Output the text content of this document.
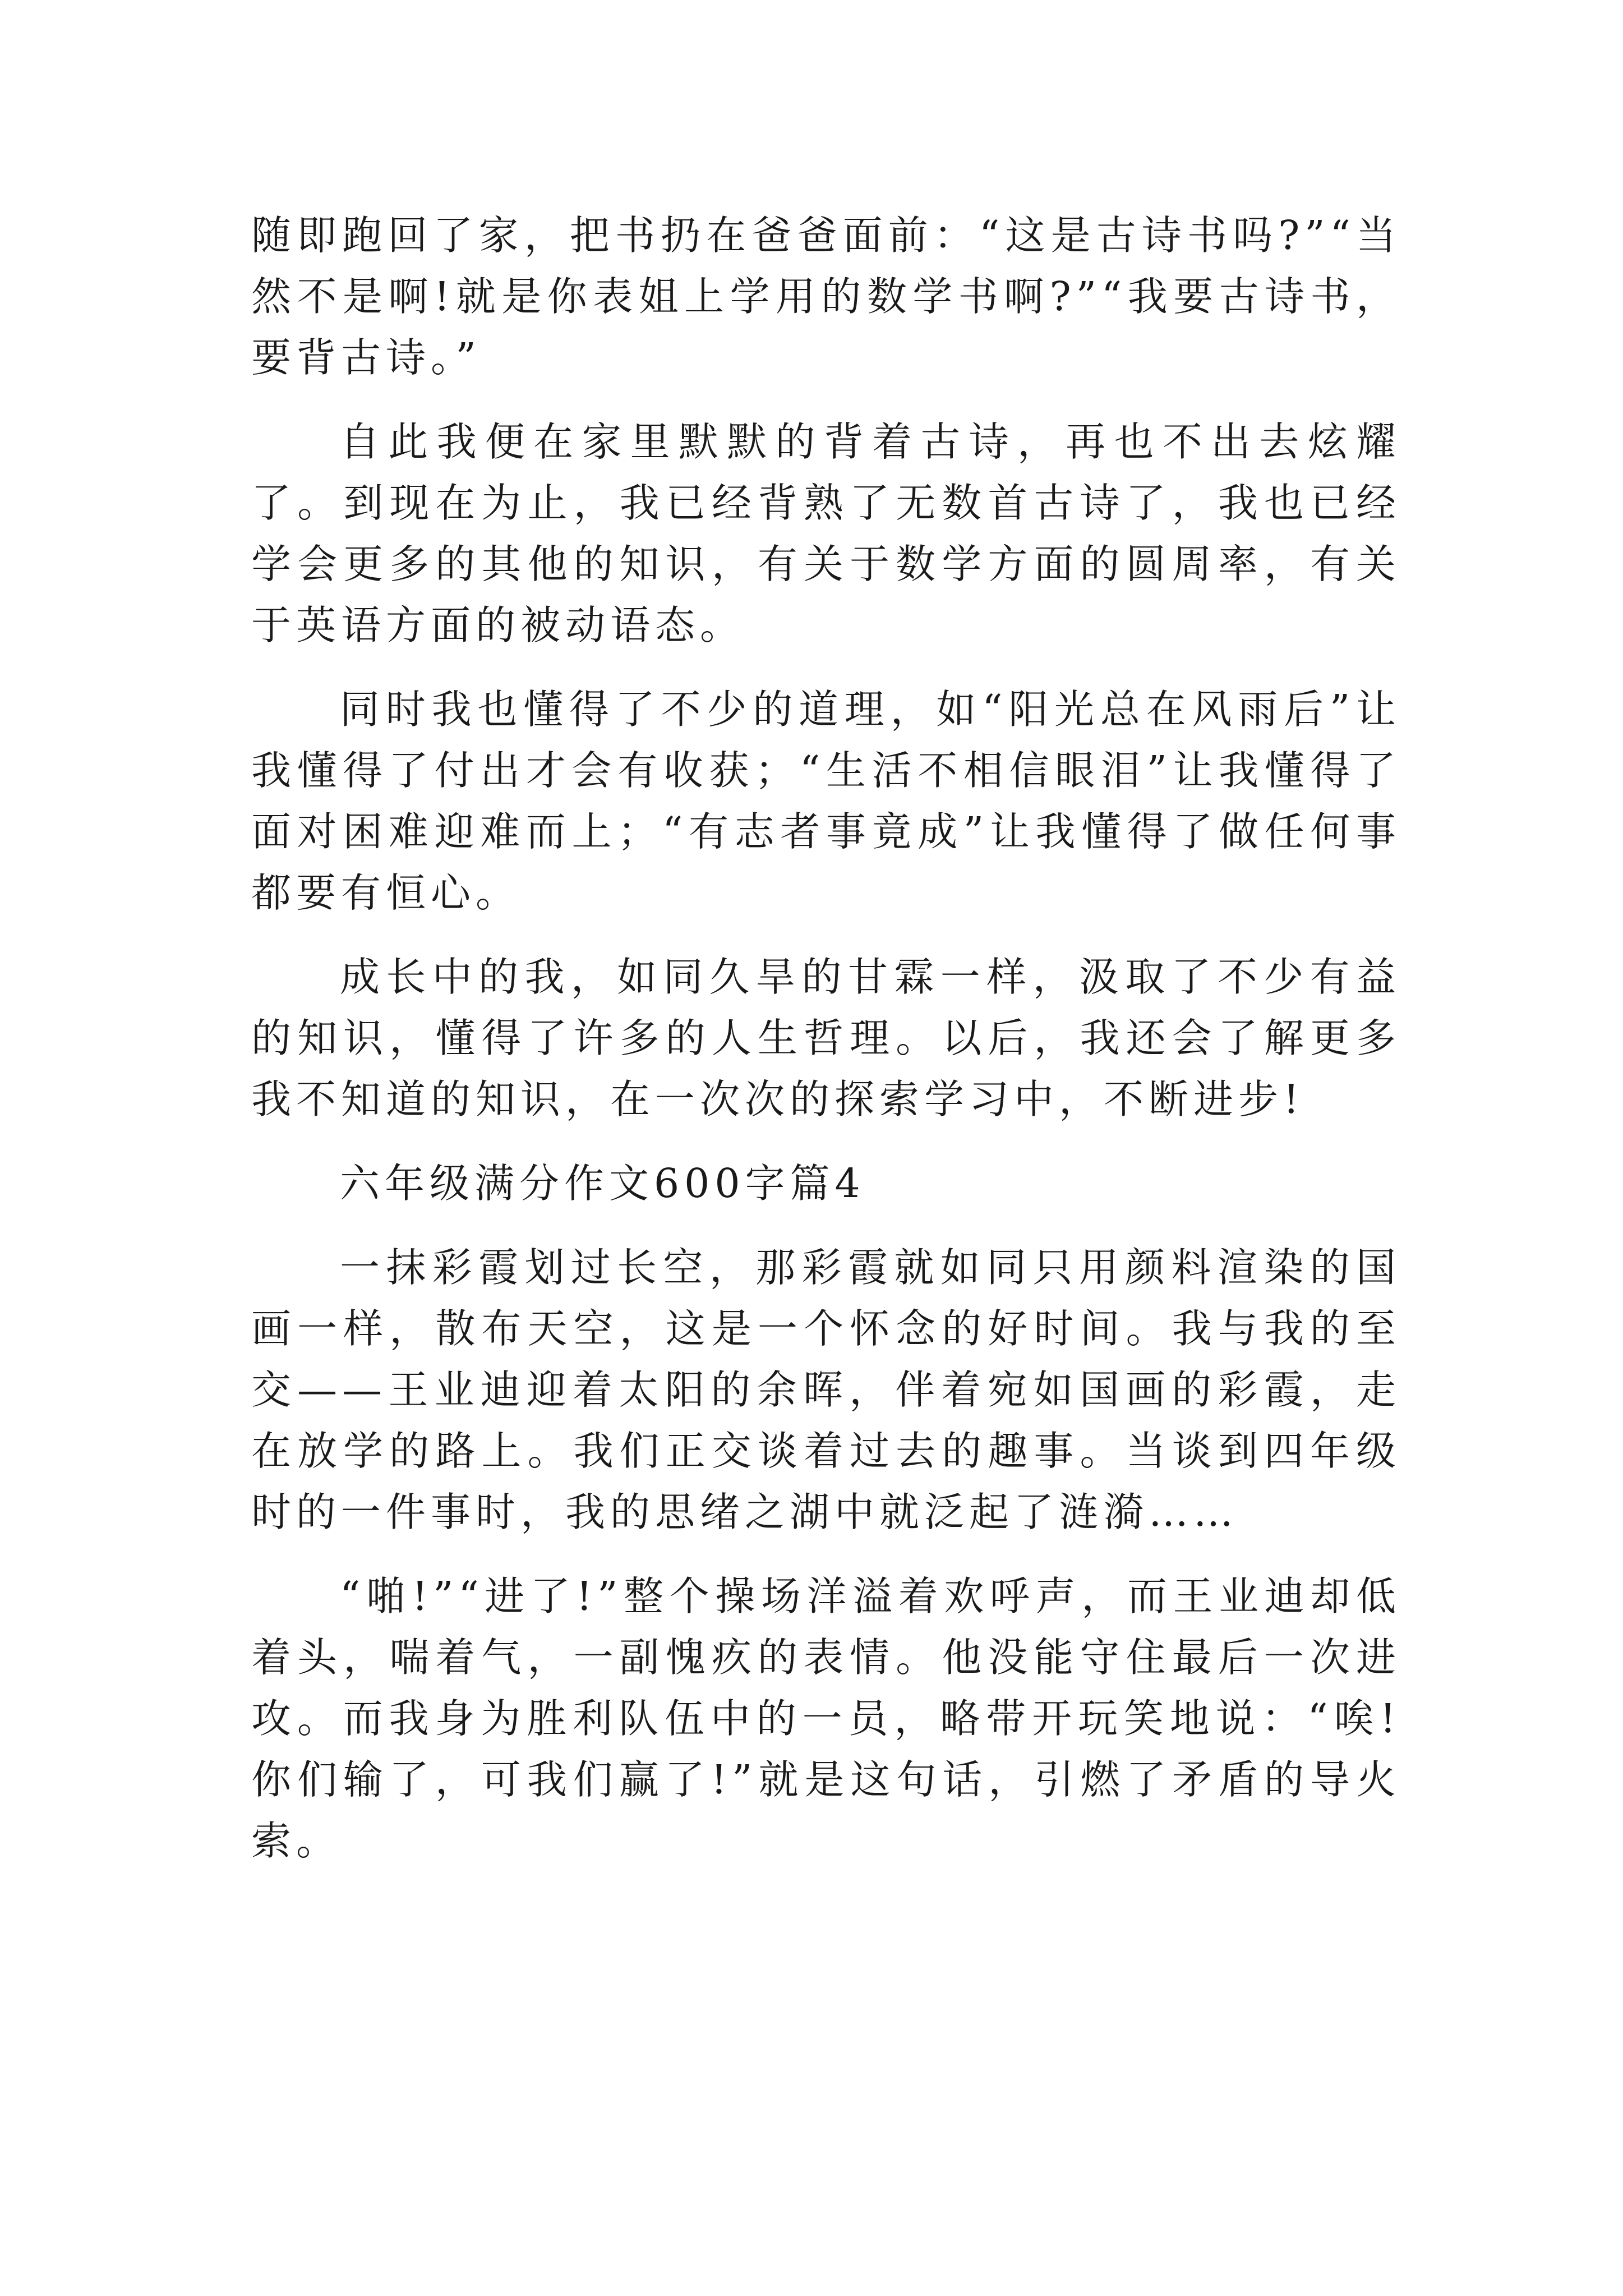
随即跑回了家，把书扔在爸爸面前：“这是古诗书吗?”“当然不是啊!就是你表姐上学用的数学书啊?”“我要古诗书，要背古诗。”

自此我便在家里默默的背着古诗，再也不出去炫耀了。到现在为止，我已经背熟了无数首古诗了，我也已经学会更多的其他的知识，有关于数学方面的圆周率，有关于英语方面的被动语态。

同时我也懂得了不少的道理，如“阳光总在风雨后”让我懂得了付出才会有收获；“生活不相信眼泪”让我懂得了面对困难迎难而上；“有志者事竟成”让我懂得了做任何事都要有恒心。

成长中的我，如同久旱的甘霖一样，汲取了不少有益的知识，懂得了许多的人生哲理。以后，我还会了解更多我不知道的知识，在一次次的探索学习中，不断进步!

六年级满分作文600字篇4

一抹彩霞划过长空，那彩霞就如同只用颜料渲染的国画一样，散布天空，这是一个怀念的好时间。我与我的至交——王业迪迎着太阳的余晖，伴着宛如国画的彩霞，走在放学的路上。我们正交谈着过去的趣事。当谈到四年级时的一件事时，我的思绪之湖中就泛起了涟漪……

“啪!”“进了!”整个操场洋溢着欢呼声，而王业迪却低着头，喘着气，一副愧疚的表情。他没能守住最后一次进攻。而我身为胜利队伍中的一员，略带开玩笑地说：“唉!你们输了，可我们赢了!”就是这句话，引燃了矛盾的导火索。
